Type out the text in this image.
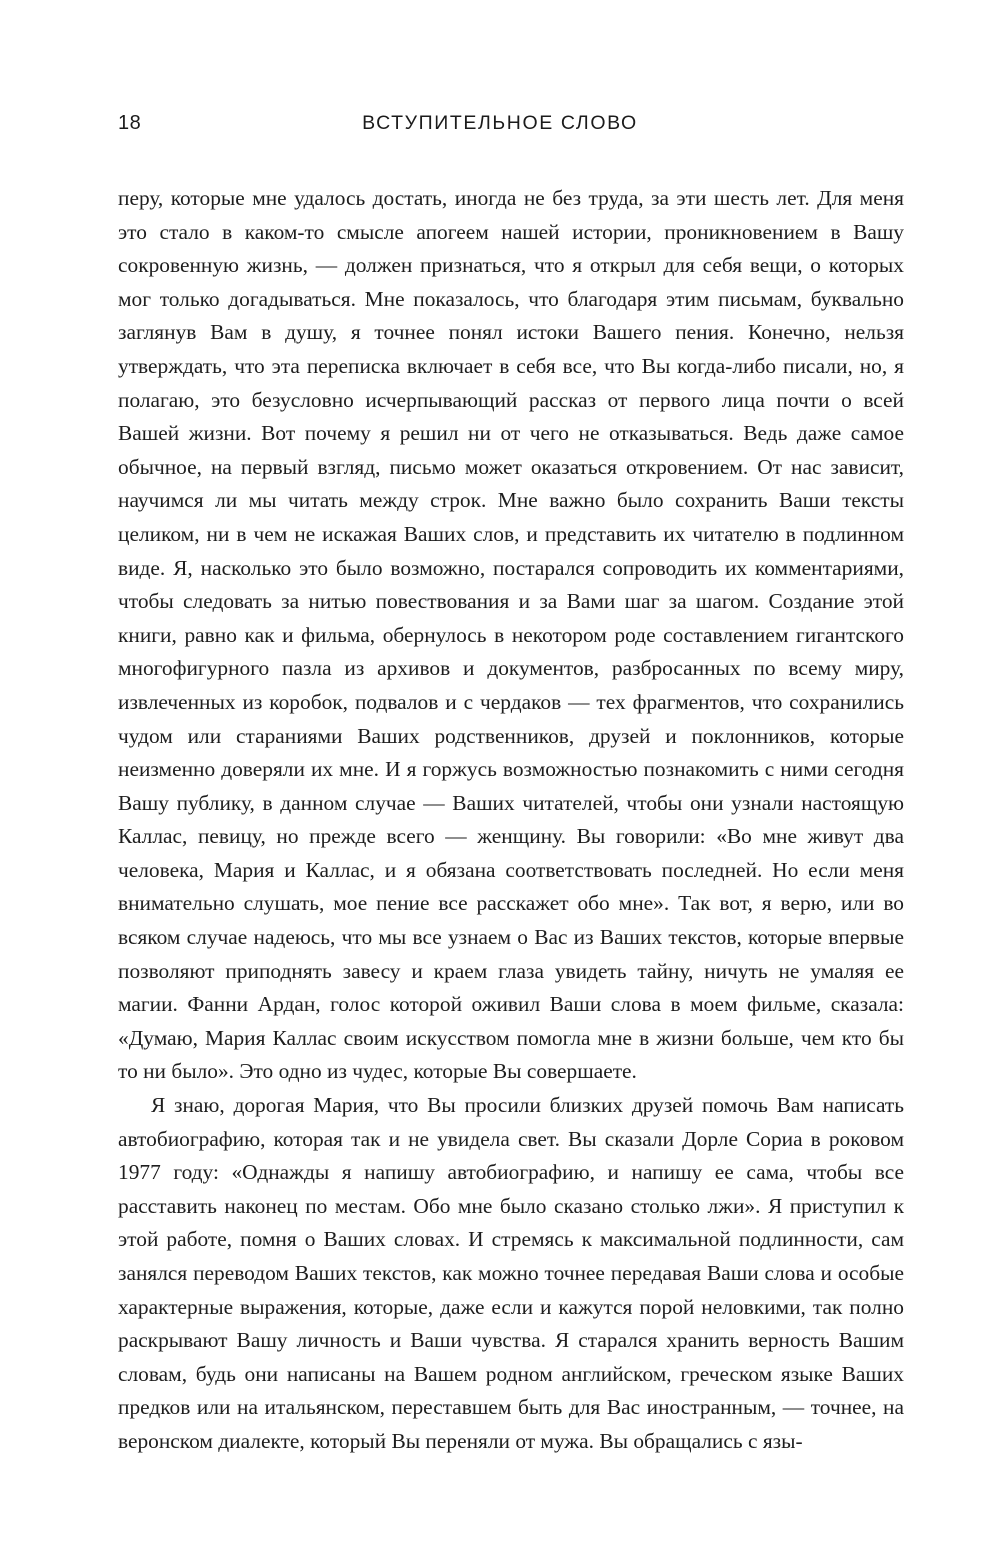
18	ВСТУПИТЕЛЬНОЕ СЛОВО

перу, которые мне удалось достать, иногда не без труда, за эти шесть лет. Для меня это стало в каком-то смысле апогеем нашей истории, проникновением в Вашу сокровенную жизнь, — должен признаться, что я открыл для себя вещи, о которых мог только догадываться. Мне показалось, что благодаря этим письмам, буквально заглянув Вам в душу, я точнее понял истоки Вашего пения. Конечно, нельзя утверждать, что эта переписка включает в себя все, что Вы когда-либо писали, но, я полагаю, это безусловно исчерпывающий рассказ от первого лица почти о всей Вашей жизни. Вот почему я решил ни от чего не отказываться. Ведь даже самое обычное, на первый взгляд, письмо может оказаться откровением. От нас зависит, научимся ли мы читать между строк. Мне важно было сохранить Ваши тексты целиком, ни в чем не искажая Ваших слов, и представить их читателю в подлинном виде. Я, насколько это было возможно, постарался сопроводить их комментариями, чтобы следовать за нитью повествования и за Вами шаг за шагом. Создание этой книги, равно как и фильма, обернулось в некотором роде составлением гигантского многофигурного пазла из архивов и документов, разбросанных по всему миру, извлеченных из коробок, подвалов и с чердаков — тех фрагментов, что сохранились чудом или стараниями Ваших родственников, друзей и поклонников, которые неизменно доверяли их мне. И я горжусь возможностью познакомить с ними сегодня Вашу публику, в данном случае — Ваших читателей, чтобы они узнали настоящую Каллас, певицу, но прежде всего — женщину. Вы говорили: «Во мне живут два человека, Мария и Каллас, и я обязана соответствовать последней. Но если меня внимательно слушать, мое пение все расскажет обо мне». Так вот, я верю, или во всяком случае надеюсь, что мы все узнаем о Вас из Ваших текстов, которые впервые позволяют приподнять завесу и краем глаза увидеть тайну, ничуть не умаляя ее магии. Фанни Ардан, голос которой оживил Ваши слова в моем фильме, сказала: «Думаю, Мария Каллас своим искусством помогла мне в жизни больше, чем кто бы то ни было». Это одно из чудес, которые Вы совершаете.

Я знаю, дорогая Мария, что Вы просили близких друзей помочь Вам написать автобиографию, которая так и не увидела свет. Вы сказали Дорле Сориа в роковом 1977 году: «Однажды я напишу автобиографию, и напишу ее сама, чтобы все расставить наконец по местам. Обо мне было сказано столько лжи». Я приступил к этой работе, помня о Ваших словах. И стремясь к максимальной подлинности, сам занялся переводом Ваших текстов, как можно точнее передавая Ваши слова и особые характерные выражения, которые, даже если и кажутся порой неловкими, так полно раскрывают Вашу личность и Ваши чувства. Я старался хранить верность Вашим словам, будь они написаны на Вашем родном английском, греческом языке Ваших предков или на итальянском, переставшем быть для Вас иностранным, — точнее, на веронском диалекте, который Вы переняли от мужа. Вы обращались с язы-
